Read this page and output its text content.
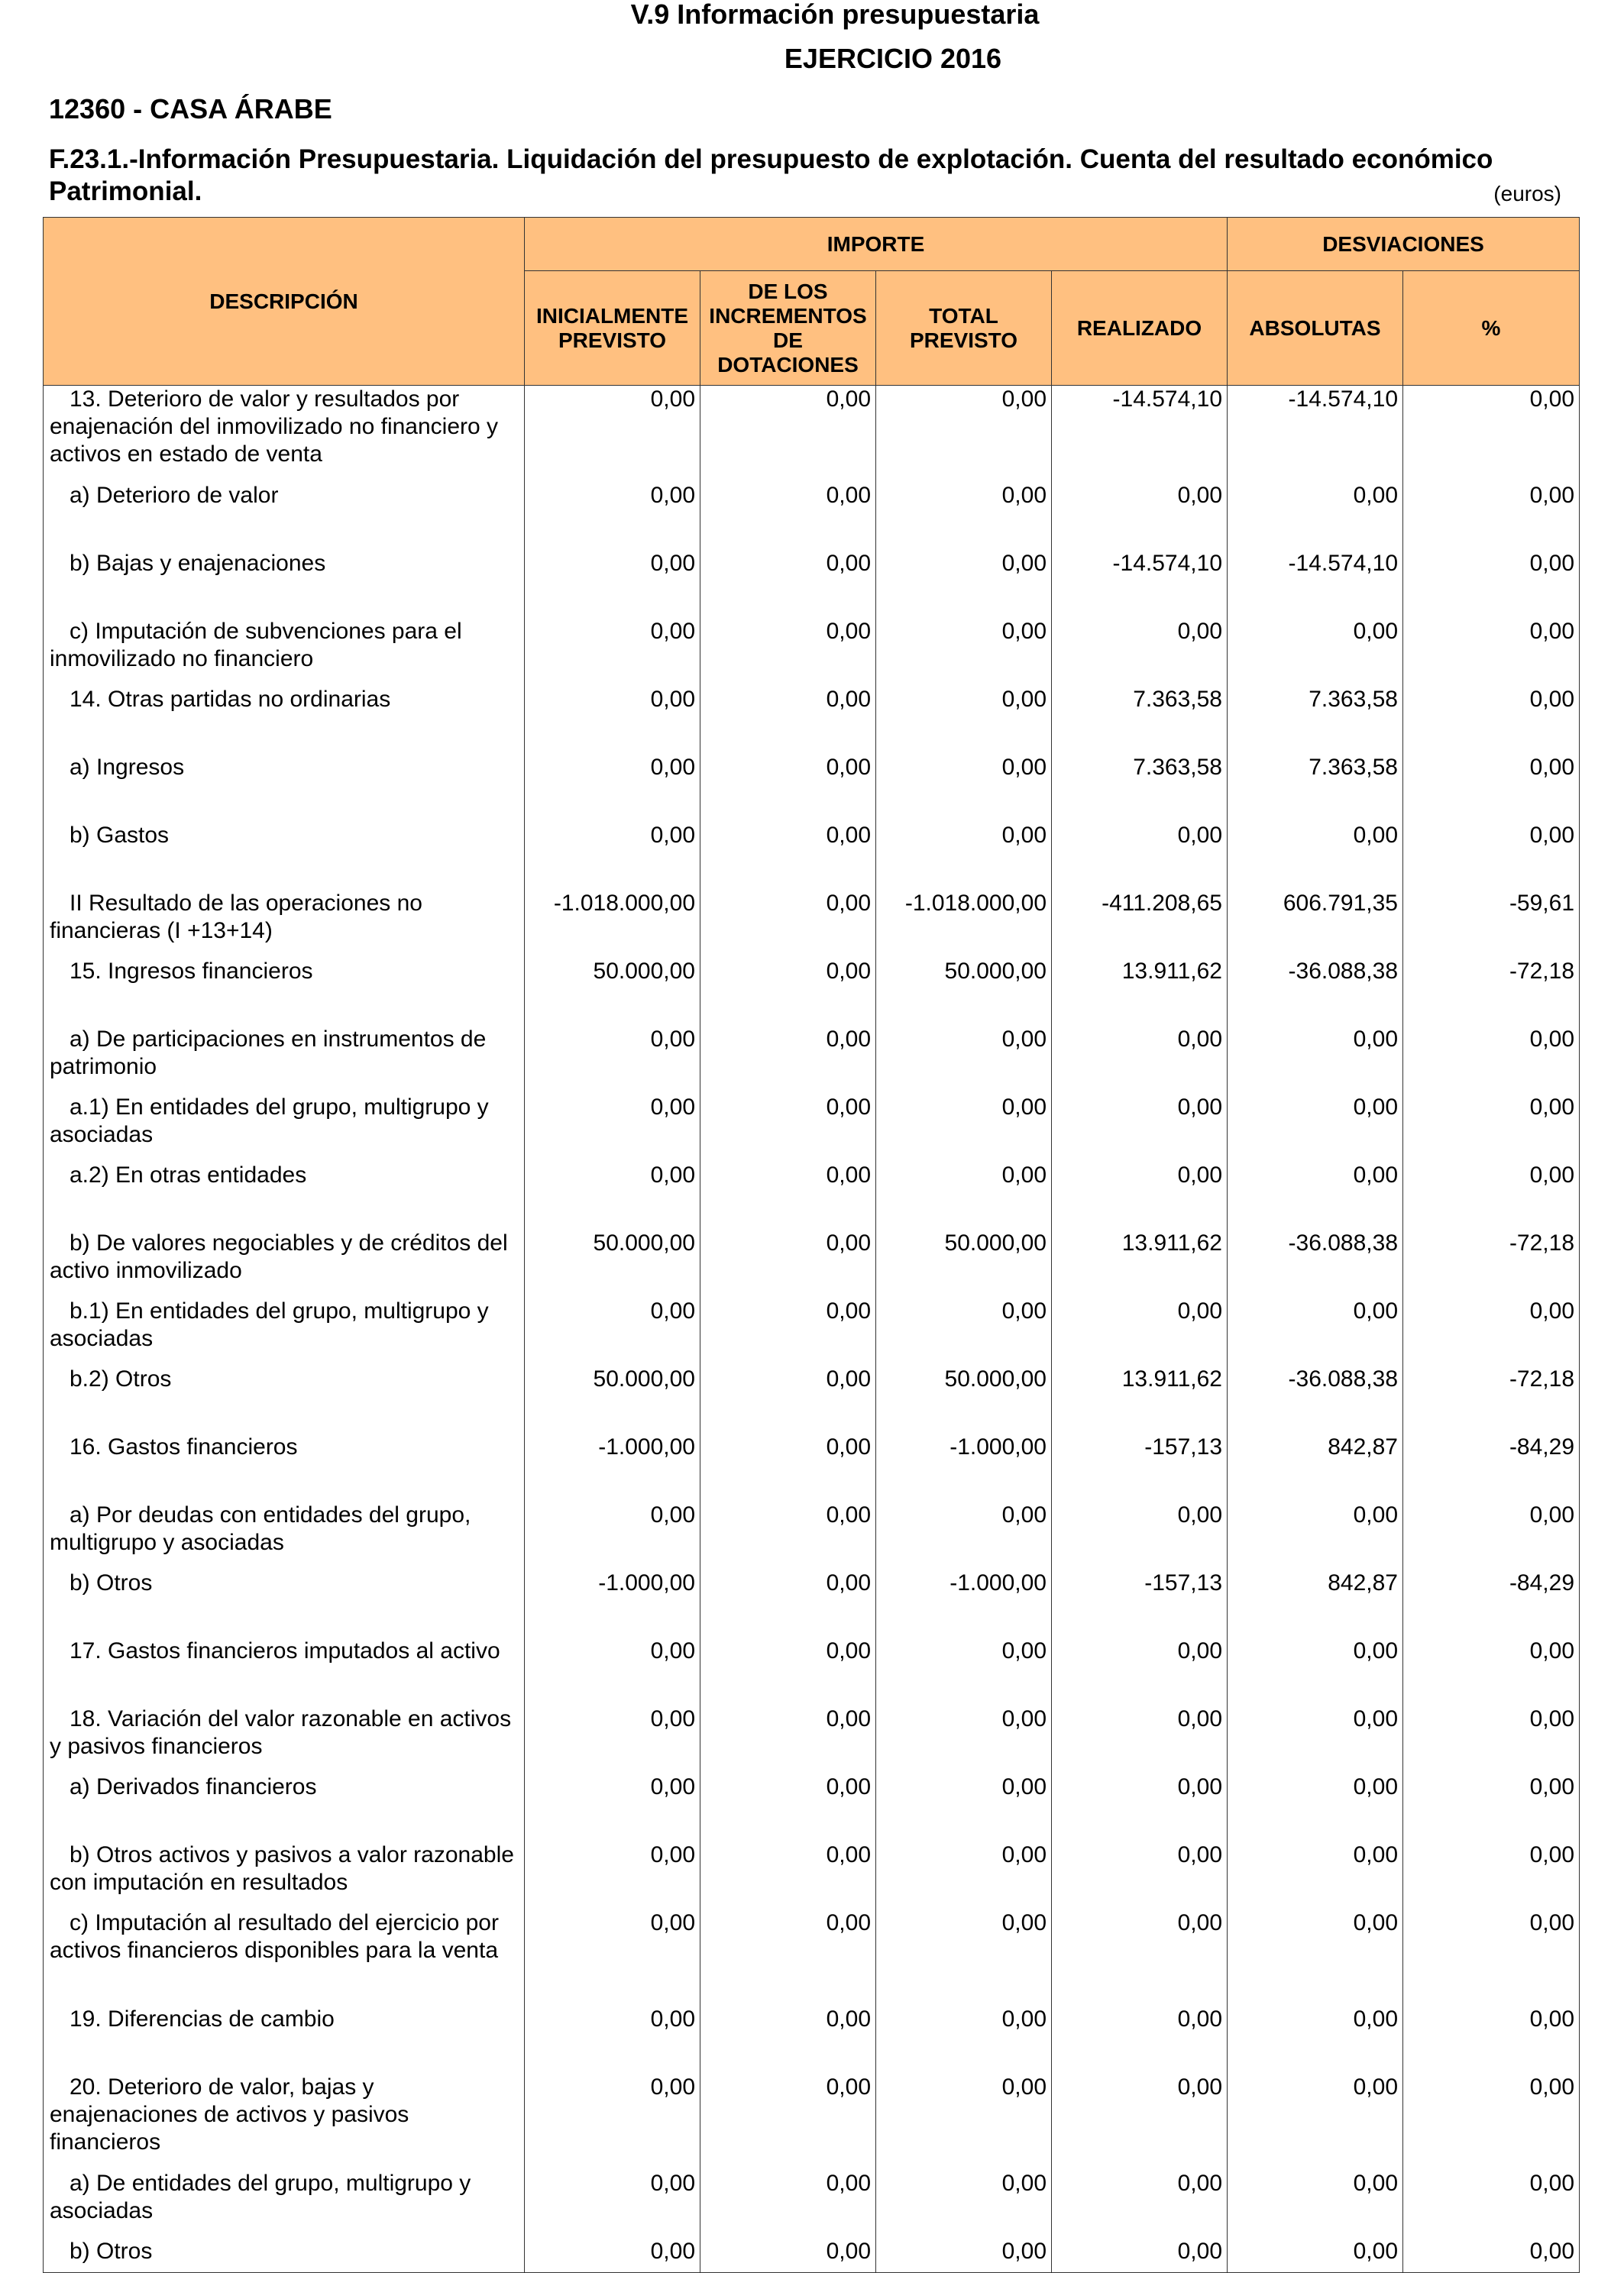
V.9 Información presupuestaria
EJERCICIO 2016
12360 - CASA ÁRABE
F.23.1.-Información Presupuestaria. Liquidación del presupuesto de explotación. Cuenta del resultado económico Patrimonial.	(euros)
DESCRIPCIÓN	IMPORTE				DESVIACIONES	
	INICIALMENTE PREVISTO	DE LOS INCREMENTOS DE DOTACIONES	TOTAL PREVISTO	REALIZADO	ABSOLUTAS	%
13. Deterioro de valor y resultados por enajenación del inmovilizado no financiero y activos en estado de venta	0,00	0,00	0,00	-14.574,10	-14.574,10	0,00
a) Deterioro de valor	0,00	0,00	0,00	0,00	0,00	0,00
b) Bajas y enajenaciones	0,00	0,00	0,00	-14.574,10	-14.574,10	0,00
c) Imputación de subvenciones para el inmovilizado no financiero	0,00	0,00	0,00	0,00	0,00	0,00
14. Otras partidas no ordinarias	0,00	0,00	0,00	7.363,58	7.363,58	0,00
a) Ingresos	0,00	0,00	0,00	7.363,58	7.363,58	0,00
b) Gastos	0,00	0,00	0,00	0,00	0,00	0,00
II Resultado de las operaciones no financieras (I +13+14)	-1.018.000,00	0,00	-1.018.000,00	-411.208,65	606.791,35	-59,61
15. Ingresos financieros	50.000,00	0,00	50.000,00	13.911,62	-36.088,38	-72,18
a) De participaciones en instrumentos de patrimonio	0,00	0,00	0,00	0,00	0,00	0,00
a.1) En entidades del grupo, multigrupo y asociadas	0,00	0,00	0,00	0,00	0,00	0,00
a.2) En otras entidades	0,00	0,00	0,00	0,00	0,00	0,00
b) De valores negociables y de créditos del activo inmovilizado	50.000,00	0,00	50.000,00	13.911,62	-36.088,38	-72,18
b.1) En entidades del grupo, multigrupo y asociadas	0,00	0,00	0,00	0,00	0,00	0,00
b.2) Otros	50.000,00	0,00	50.000,00	13.911,62	-36.088,38	-72,18
16. Gastos financieros	-1.000,00	0,00	-1.000,00	-157,13	842,87	-84,29
a) Por deudas con entidades del grupo, multigrupo y asociadas	0,00	0,00	0,00	0,00	0,00	0,00
b) Otros	-1.000,00	0,00	-1.000,00	-157,13	842,87	-84,29
17. Gastos financieros imputados al activo	0,00	0,00	0,00	0,00	0,00	0,00
18. Variación del valor razonable en activos y pasivos financieros	0,00	0,00	0,00	0,00	0,00	0,00
a) Derivados financieros	0,00	0,00	0,00	0,00	0,00	0,00
b) Otros activos y pasivos a valor razonable con imputación en resultados	0,00	0,00	0,00	0,00	0,00	0,00
c) Imputación al resultado del ejercicio por activos financieros disponibles para la venta	0,00	0,00	0,00	0,00	0,00	0,00
19. Diferencias de cambio	0,00	0,00	0,00	0,00	0,00	0,00
20. Deterioro de valor, bajas y enajenaciones de activos y pasivos financieros	0,00	0,00	0,00	0,00	0,00	0,00
a) De entidades del grupo, multigrupo y asociadas	0,00	0,00	0,00	0,00	0,00	0,00
b) Otros	0,00	0,00	0,00	0,00	0,00	0,00
